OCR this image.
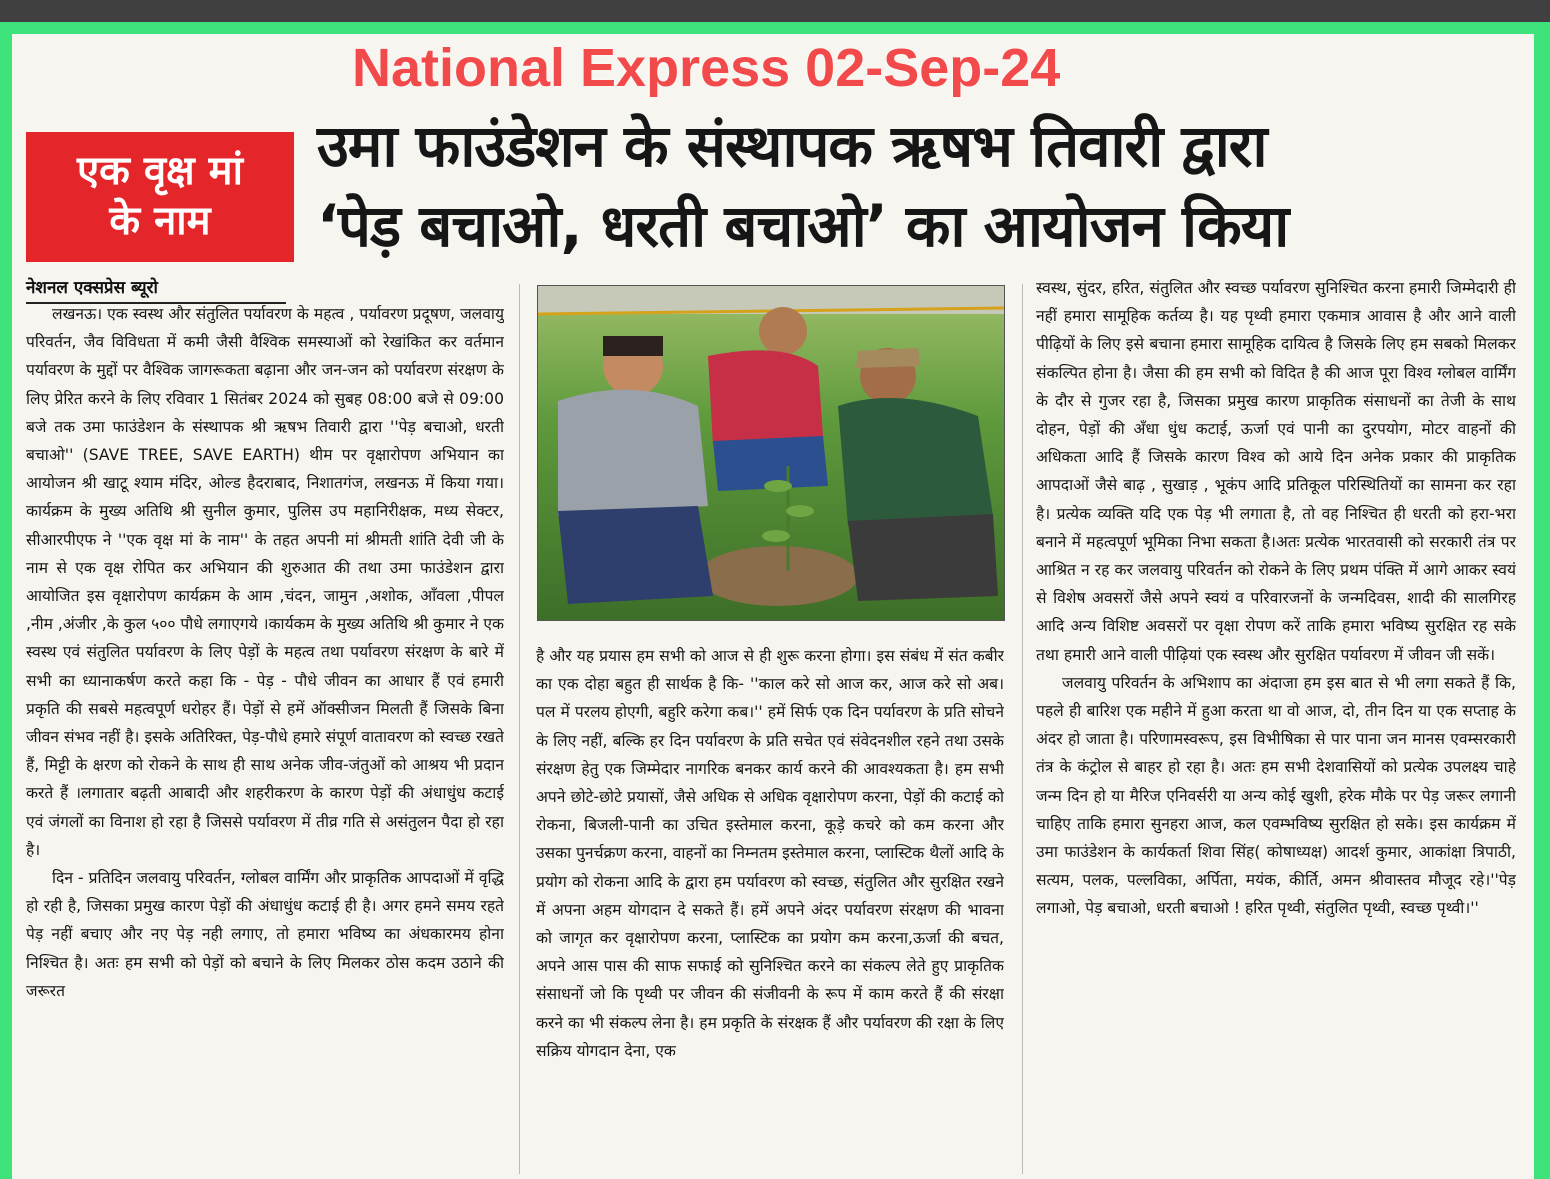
National Express 02-Sep-24
एक वृक्ष मां
के नाम
उमा फाउंडेशन के संस्थापक ऋषभ तिवारी द्वारा
‘पेड़ बचाओ, धरती बचाओ’ का आयोजन किया
नेशनल एक्सप्रेस ब्यूरो

लखनऊ। एक स्वस्थ और संतुलित पर्यावरण के महत्व , पर्यावरण प्रदूषण, जलवायु परिवर्तन, जैव विविधता में कमी जैसी वैश्विक समस्याओं को रेखांकित कर वर्तमान पर्यावरण के मुद्दों पर वैश्विक जागरूकता बढ़ाना और जन-जन को पर्यावरण संरक्षण के लिए प्रेरित करने के लिए रविवार 1 सितंबर 2024 को सुबह 08:00 बजे से 09:00 बजे तक उमा फाउंडेशन के संस्थापक श्री ऋषभ तिवारी द्वारा ''पेड़ बचाओ, धरती बचाओ'' (SAVE TREE, SAVE EARTH) थीम पर वृक्षारोपण अभियान का आयोजन श्री खाटू श्याम मंदिर, ओल्ड हैदराबाद, निशातगंज, लखनऊ में किया गया। कार्यक्रम के मुख्य अतिथि श्री सुनील कुमार, पुलिस उप महानिरीक्षक, मध्य सेक्टर, सीआरपीएफ ने ''एक वृक्ष मां के नाम'' के तहत अपनी मां श्रीमती शांति देवी जी के नाम से एक वृक्ष रोपित कर अभियान की शुरुआत की तथा उमा फाउंडेशन द्वारा आयोजित इस वृक्षारोपण कार्यक्रम के आम ,चंदन, जामुन ,अशोक, आँवला ,पीपल ,नीम ,अंजीर ,के कुल ५०० पौधे लगाएगये ।कार्यकम के मुख्य अतिथि श्री कुमार ने एक स्वस्थ एवं संतुलित पर्यावरण के लिए पेड़ों के महत्व तथा पर्यावरण संरक्षण के बारे में सभी का ध्यानाकर्षण करते कहा कि - पेड़ - पौधे जीवन का आधार हैं एवं हमारी प्रकृति की सबसे महत्वपूर्ण धरोहर हैं। पेड़ों से हमें ऑक्सीजन मिलती हैं जिसके बिना जीवन संभव नहीं है। इसके अतिरिक्त, पेड़-पौधे हमारे संपूर्ण वातावरण को स्वच्छ रखते हैं, मिट्टी के क्षरण को रोकने के साथ ही साथ अनेक जीव-जंतुओं को आश्रय भी प्रदान करते हैं ।लगातार बढ़ती आबादी और शहरीकरण के कारण पेड़ों की अंधाधुंध कटाई एवं जंगलों का विनाश हो रहा है जिससे पर्यावरण में तीव्र गति से असंतुलन पैदा हो रहा है।

दिन - प्रतिदिन जलवायु परिवर्तन, ग्लोबल वार्मिंग और प्राकृतिक आपदाओं में वृद्धि हो रही है, जिसका प्रमुख कारण पेड़ों की अंधाधुंध कटाई ही है। अगर हमने समय रहते पेड़ नहीं बचाए और नए पेड़ नही लगाए, तो हमारा भविष्य का अंधकारमय होना निश्चित है। अतः हम सभी को पेड़ों को बचाने के लिए मिलकर ठोस कदम उठाने की जरूरत

है और यह प्रयास हम सभी को आज से ही शुरू करना होगा। इस संबंध में संत कबीर का एक दोहा बहुत ही सार्थक है कि- ''काल करे सो आज कर, आज करे सो अब। पल में परलय होएगी, बहुरि करेगा कब।'' हमें सिर्फ एक दिन पर्यावरण के प्रति सोचने के लिए नहीं, बल्कि हर दिन पर्यावरण के प्रति सचेत एवं संवेदनशील रहने तथा उसके संरक्षण हेतु एक जिम्मेदार नागरिक बनकर कार्य करने की आवश्यकता है। हम सभी अपने छोटे-छोटे प्रयासों, जैसे अधिक से अधिक वृक्षारोपण करना, पेड़ों की कटाई को रोकना, बिजली-पानी का उचित इस्तेमाल करना, कूड़े कचरे को कम करना और उसका पुनर्चक्रण करना, वाहनों का निम्नतम इस्तेमाल करना, प्लास्टिक थैलों आदि के प्रयोग को रोकना आदि के द्वारा हम पर्यावरण को स्वच्छ, संतुलित और सुरक्षित रखने में अपना अहम योगदान दे सकते हैं। हमें अपने अंदर पर्यावरण संरक्षण की भावना को जागृत कर वृक्षारोपण करना, प्लास्टिक का प्रयोग कम करना,ऊर्जा की बचत, अपने आस पास की साफ सफाई को सुनिश्चित करने का संकल्प लेते हुए प्राकृतिक संसाधनों जो कि पृथ्वी पर जीवन की संजीवनी के रूप में काम करते हैं की संरक्षा करने का भी संकल्प लेना है। हम प्रकृति के संरक्षक हैं और पर्यावरण की रक्षा के लिए सक्रिय योगदान देना, एक

स्वस्थ, सुंदर, हरित, संतुलित और स्वच्छ पर्यावरण सुनिश्चित करना हमारी जिम्मेदारी ही नहीं हमारा सामूहिक कर्तव्य है। यह पृथ्वी हमारा एकमात्र आवास है और आने वाली पीढ़ियों के लिए इसे बचाना हमारा सामूहिक दायित्व है जिसके लिए हम सबको मिलकर संकल्पित होना है। जैसा की हम सभी को विदित है की आज पूरा विश्व ग्लोबल वार्मिंग के दौर से गुजर रहा है, जिसका प्रमुख कारण प्राकृतिक संसाधनों का तेजी के साथ दोहन, पेड़ों की अँधा धुंध कटाई, ऊर्जा एवं पानी का दुरपयोग, मोटर वाहनों की अधिकता आदि हैं जिसके कारण विश्व को आये दिन अनेक प्रकार की प्राकृतिक आपदाओं जैसे बाढ़ , सुखाड़ , भूकंप आदि प्रतिकूल परिस्थितियों का सामना कर रहा है। प्रत्येक व्यक्ति यदि एक पेड़ भी लगाता है, तो वह निश्चित ही धरती को हरा-भरा बनाने में महत्वपूर्ण भूमिका निभा सकता है।अतः प्रत्येक भारतवासी को सरकारी तंत्र पर आश्रित न रह कर जलवायु परिवर्तन को रोकने के लिए प्रथम पंक्ति में आगे आकर स्वयं से विशेष अवसरों जैसे अपने स्वयं व परिवारजनों के जन्मदिवस, शादी की सालगिरह आदि अन्य विशिष्ट अवसरों पर वृक्षा रोपण करें ताकि हमारा भविष्य सुरक्षित रह सके तथा हमारी आने वाली पीढ़ियां एक स्वस्थ और सुरक्षित पर्यावरण में जीवन जी सकें।

जलवायु परिवर्तन के अभिशाप का अंदाजा हम इस बात से भी लगा सकते हैं कि, पहले ही बारिश एक महीने में हुआ करता था वो आज, दो, तीन दिन या एक सप्ताह के अंदर हो जाता है। परिणामस्वरूप, इस विभीषिका से पार पाना जन मानस एवम्सरकारी तंत्र के कंट्रोल से बाहर हो रहा है। अतः हम सभी देशवासियों को प्रत्येक उपलक्ष्य चाहे जन्म दिन हो या मैरिज एनिवर्सरी या अन्य कोई खुशी, हरेक मौके पर पेड़ जरूर लगानी चाहिए ताकि हमारा सुनहरा आज, कल एवम्भविष्य सुरक्षित हो सके। इस कार्यक्रम में उमा फाउंडेशन के कार्यकर्ता शिवा सिंह( कोषाध्यक्ष) आदर्श कुमार, आकांक्षा त्रिपाठी, सत्यम, पलक, पल्लविका, अर्पिता, मयंक, कीर्ति, अमन श्रीवास्तव मौजूद रहे।''पेड़ लगाओ, पेड़ बचाओ, धरती बचाओ ! हरित पृथ्वी, संतुलित पृथ्वी, स्वच्छ पृथ्वी।''
